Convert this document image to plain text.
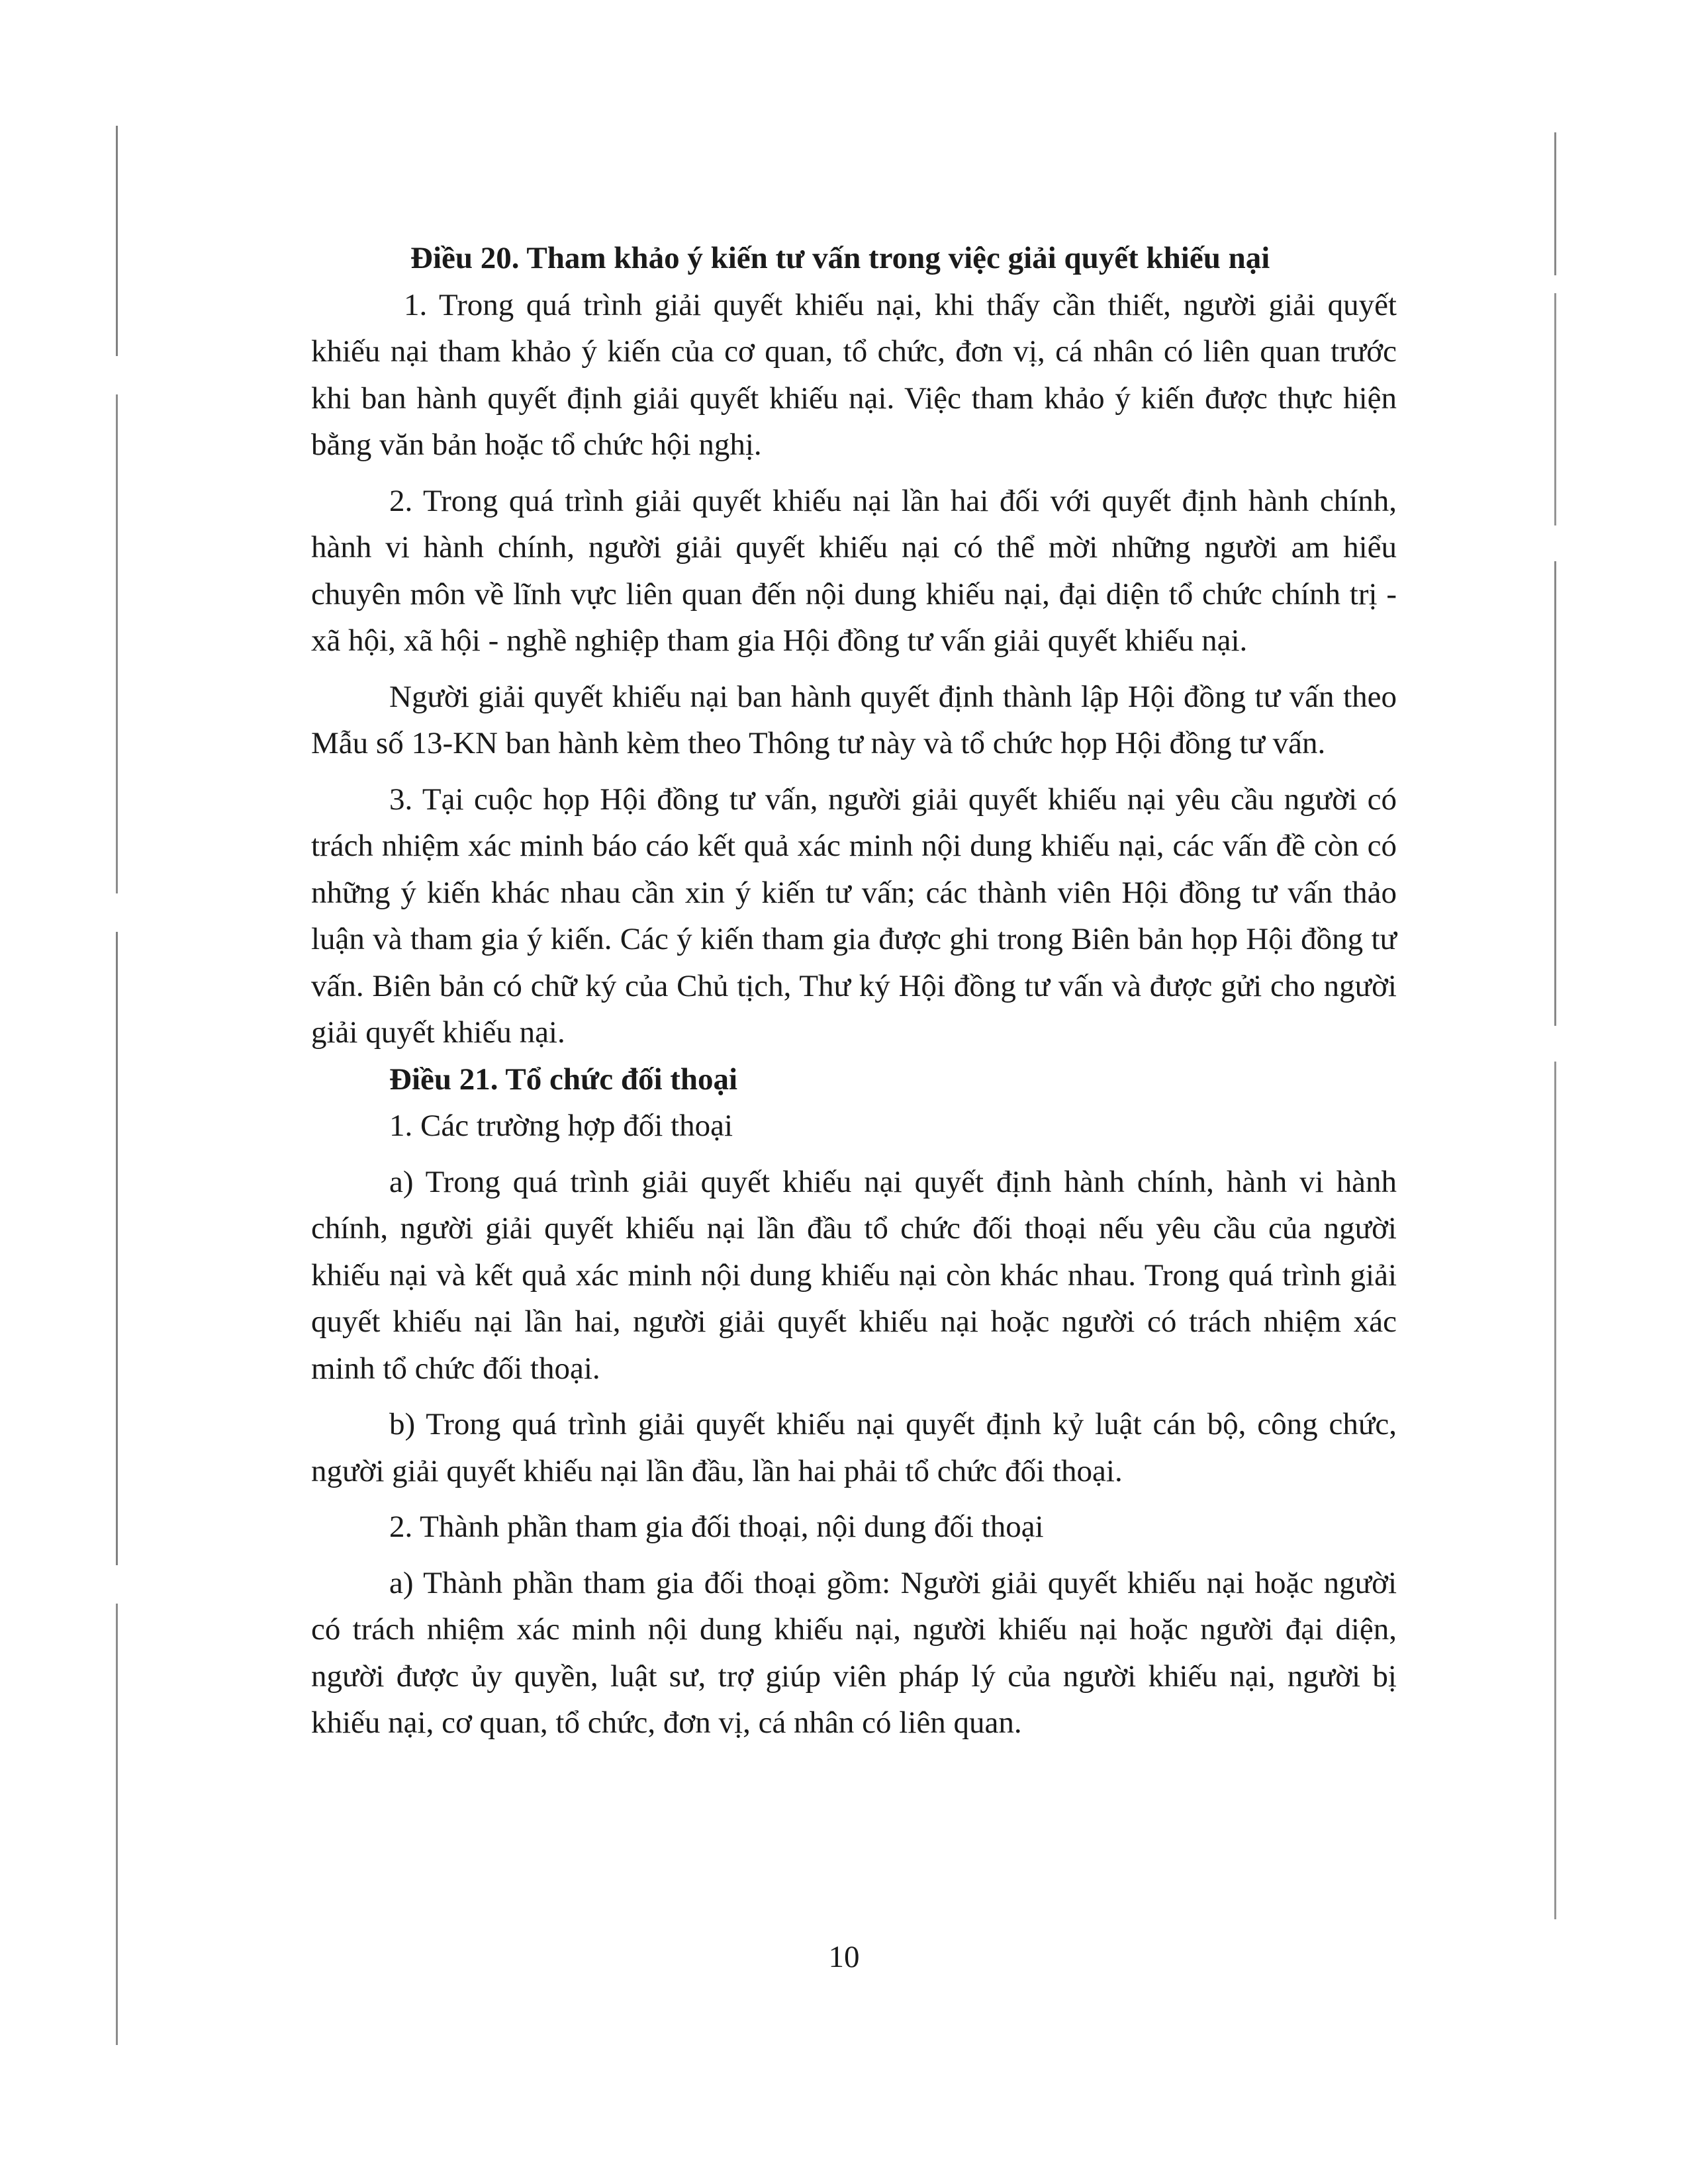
Điều 20. Tham khảo ý kiến tư vấn trong việc giải quyết khiếu nại

1. Trong quá trình giải quyết khiếu nại, khi thấy cần thiết, người giải quyết khiếu nại tham khảo ý kiến của cơ quan, tổ chức, đơn vị, cá nhân có liên quan trước khi ban hành quyết định giải quyết khiếu nại. Việc tham khảo ý kiến được thực hiện bằng văn bản hoặc tổ chức hội nghị.

2. Trong quá trình giải quyết khiếu nại lần hai đối với quyết định hành chính, hành vi hành chính, người giải quyết khiếu nại có thể mời những người am hiểu chuyên môn về lĩnh vực liên quan đến nội dung khiếu nại, đại diện tổ chức chính trị - xã hội, xã hội - nghề nghiệp tham gia Hội đồng tư vấn giải quyết khiếu nại.

Người giải quyết khiếu nại ban hành quyết định thành lập Hội đồng tư vấn theo Mẫu số 13-KN ban hành kèm theo Thông tư này và tổ chức họp Hội đồng tư vấn.

3. Tại cuộc họp Hội đồng tư vấn, người giải quyết khiếu nại yêu cầu người có trách nhiệm xác minh báo cáo kết quả xác minh nội dung khiếu nại, các vấn đề còn có những ý kiến khác nhau cần xin ý kiến tư vấn; các thành viên Hội đồng tư vấn thảo luận và tham gia ý kiến. Các ý kiến tham gia được ghi trong Biên bản họp Hội đồng tư vấn. Biên bản có chữ ký của Chủ tịch, Thư ký Hội đồng tư vấn và được gửi cho người giải quyết khiếu nại.

Điều 21. Tổ chức đối thoại

1. Các trường hợp đối thoại

a) Trong quá trình giải quyết khiếu nại quyết định hành chính, hành vi hành chính, người giải quyết khiếu nại lần đầu tổ chức đối thoại nếu yêu cầu của người khiếu nại và kết quả xác minh nội dung khiếu nại còn khác nhau. Trong quá trình giải quyết khiếu nại lần hai, người giải quyết khiếu nại hoặc người có trách nhiệm xác minh tổ chức đối thoại.

b) Trong quá trình giải quyết khiếu nại quyết định kỷ luật cán bộ, công chức, người giải quyết khiếu nại lần đầu, lần hai phải tổ chức đối thoại.

2. Thành phần tham gia đối thoại, nội dung đối thoại

a) Thành phần tham gia đối thoại gồm: Người giải quyết khiếu nại hoặc người có trách nhiệm xác minh nội dung khiếu nại, người khiếu nại hoặc người đại diện, người được ủy quyền, luật sư, trợ giúp viên pháp lý của người khiếu nại, người bị khiếu nại, cơ quan, tổ chức, đơn vị, cá nhân có liên quan.

10
